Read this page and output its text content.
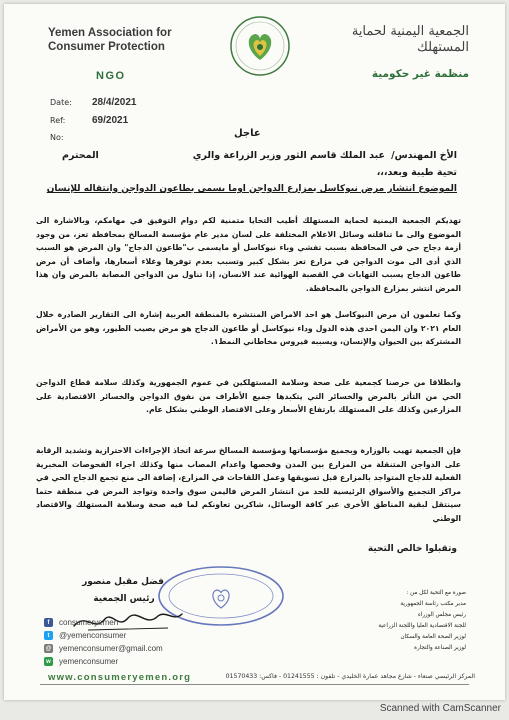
Yemen Association for Consumer Protection
NGO
الجمعية اليمنية لحماية المستهلك
منظمة غير حكومية
Date: 28/4/2021
Ref:	69/2021
No:	عاجل
الأخ المهندس/
عبد الملك قاسم الثور وزير الزراعة والري
المحترم
تحية طيبة وبعد،،،
الموضوع انتشار مرض نيوكاسل بمزارع الدواجن اوما يسمى بطاعون الدواجن وانتقاله للإنسان

تهديكم الجمعية اليمنية لحماية المستهلك أطيب التحايا متمنية لكم دوام التوفيق في مهامكم، وبالاشارة الى الموضوع والى ما تناقلته وسائل الاعلام المختلفة على لسان مدير عام مؤسسة المسالخ بمحافظة تعز، من وجود أزمة دجاج حي في المحافظة بسبب تفشي وباء نيوكاسل أو مايسمى ب"طاعون الدجاج" وان المرض هو السبب الذي أدى الى موت الدواجن في مزارع تعز بشكل كبير وتسبب بعدم توفرها وغلاء أسعارها، وأضاف أن مرض طاعون الدجاج يسبب التهابات في القصبة الهوائية عند الانسان، إذا تناول من الدواجن المصابة بالمرض وان هذا المرض انتشر بمزارع الدواجن بالمحافظة.

وكما تعلمون ان مرض النيوكاسل هو احد الامراض المنتشرة بالمنطقة العربية إشارة الى التقارير الصادرة خلال العام ٢٠٢١ وان اليمن احدى هذه الدول وداء نيوكاسل أو طاعون الدجاج هو مرض يصيب الطيور، وهو من الأمراض المشتركة بين الحيوان والإنسان، ويسببه فيروس مخاطاني النمط١.

وانطلاقا من حرصنا كجمعية على صحة وسلامة المستهلكين في عموم الجمهورية وكذلك سلامة قطاع الدواجن الحي من التأثر بالمرض والخسائر التي يتكبدها جميع الأطراف من نفوق الدواجن والخسائر الاقتصادية على المزارعين وكذلك على المستهلك بارتفاع الأسعار وعلى الاقتصاد الوطني بشكل عام.

فإن الجمعية تهيب بالوزارة وبجميع مؤسساتها ومؤسسة المسالخ سرعة اتخاذ الإجراءات الاحترازية وتشديد الرقابة على الدواجن المتنقلة من المزارع بين المدن وفحصها واعدام المصاب منها وكذلك اجراء الفحوصات المخبرية الفعلية للدجاج المتواجد بالمزارع قبل تسويقها وعمل اللقاحات في المزارع، إضافة الى منع تجمع الدجاج الحي في مراكز التجميع والأسواق الرئيسية للحد من انتشار المرض فاليمن سوق واحدة وتواجد المرض في منطقة حتما سينتقل لبقية المناطق الأخرى عبر كافة الوسائل، شاكرين تعاونكم لما فيه صحة وسلامة المستهلك والاقتصاد الوطني

وتقبلوا خالص التحية
صورة مع التحية لكل من :
مدير مكتب رئاسة الجمهورية
رئيس مجلس الوزراء
للجنة الاقتصادية العليا واللجنة الزراعية
لوزير الصحة العامة والسكان
لوزير الصناعة والتجارة
فضل مقبل منصور
رئيس الجمعية
f	consumeryemen
t	@yemenconsumer
@ yemenconsumer@gmail.com
w yemenconsumer
www.consumeryemen.org	المركز الرئيسي صنعاء - شارع مجاهد عمارة الخليدي - تلفون : 01241555 - فاكس: 01570433
Scanned with CamScanner
